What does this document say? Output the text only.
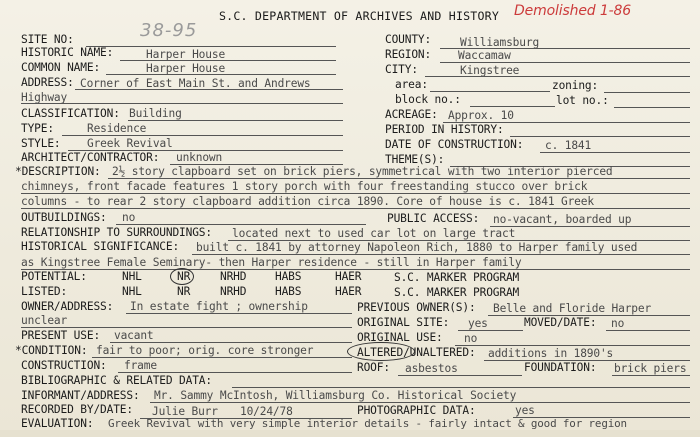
S.C. DEPARTMENT OF ARCHIVES AND HISTORY Demolished 1-86
SITE NO:	38-95	COUNTY:	Williamsburg
HISTORIC NAME:	Harper House	REGION: Waccamaw
COMMON NAME:	Harper House	CITY:	Kingstree
ADDRESS: Corner of East Main St. and Andrews
Highway
area:	zoning:
block no.:	lot no.:
CLASSIFICATION: Building	ACREAGE: Approx. 10
TYPE:	Residence	PERIOD IN HISTORY:
STYLE: Greek Revival	DATE OF CONSTRUCTION: c. 1841
ARCHITECT/CONTRACTOR: unknown	THEME(S):
*DESCRIPTION: 2½ story clapboard set on brick piers, symmetrical with two interior pierced
chimneys, front facade features 1 story porch with four freestanding stucco over brick
columns - to rear 2 story clapboard addition circa 1890. Core of house is c. 1841 Greek
OUTBUILDINGS: no	PUBLIC ACCESS: no-vacant, boarded up
RELATIONSHIP TO SURROUNDINGS: located next to used car lot on large tract
HISTORICAL SIGNIFICANCE: built c. 1841 by attorney Napoleon Rich, 1880 to Harper family used
as Kingstree Female Seminary- then Harper residence - still in Harper family
POTENTIAL:	NHL	NR	NRHD	HABS	HAER	S.C. MARKER PROGRAM
LISTED:	NHL	NR	NRHD	HABS	HAER	S.C. MARKER PROGRAM
OWNER/ADDRESS: In estate fight ; ownership
unclear
PREVIOUS OWNER(S): Belle and Floride Harper
ORIGINAL SITE: yes	MOVED/DATE: no
PRESENT USE: vacant	ORIGINAL USE: no
*CONDITION: fair to poor; orig. core stronger	ALTERED/UNALTERED: additions in 1890's
CONSTRUCTION: frame	ROOF: asbestos	FOUNDATION: brick piers
BIBLIOGRAPHIC & RELATED DATA:
INFORMANT/ADDRESS: Mr. Sammy McIntosh, Williamsburg Co. Historical Society
RECORDED BY/DATE: Julie Burr 10/24/78	PHOTOGRAPHIC DATA:	yes
EVALUATION: Greek Revival with very simple interior details - fairly intact & good for region
